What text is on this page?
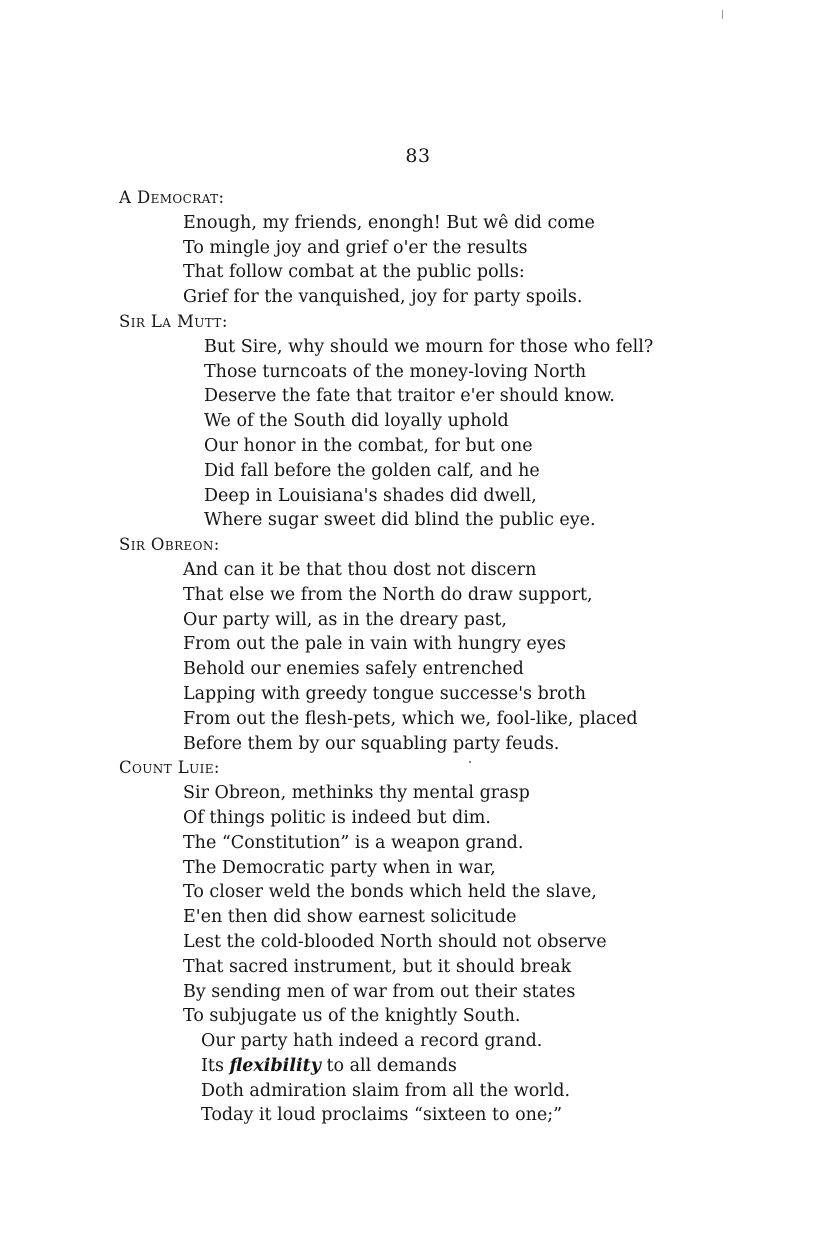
83
A Democrat:
Enough, my friends, enongh! But wê did come
To mingle joy and grief o'er the results
That follow combat at the public polls:
Grief for the vanquished, joy for party spoils.
Sir La Mutt:
But Sire, why should we mourn for those who fell?
Those turncoats of the money-loving North
Deserve the fate that traitor e'er should know.
We of the South did loyally uphold
Our honor in the combat, for but one
Did fall before the golden calf, and he
Deep in Louisiana's shades did dwell,
Where sugar sweet did blind the public eye.
Sir Obreon:
And can it be that thou dost not discern
That else we from the North do draw support,
Our party will, as in the dreary past,
From out the pale in vain with hungry eyes
Behold our enemies safely entrenched
Lapping with greedy tongue successe's broth
From out the flesh-pets, which we, fool-like, placed
Before them by our squabling party feuds.
Count Luie:
Sir Obreon, methinks thy mental grasp
Of things politic is indeed but dim.
The “Constitution” is a weapon grand.
The Democratic party when in war,
To closer weld the bonds which held the slave,
E'en then did show earnest solicitude
Lest the cold-blooded North should not observe
That sacred instrument, but it should break
By sending men of war from out their states
To subjugate us of the knightly South.
Our party hath indeed a record grand.
Its flexibility to all demands
Doth admiration slaim from all the world.
Today it loud proclaims “sixteen to one;”
